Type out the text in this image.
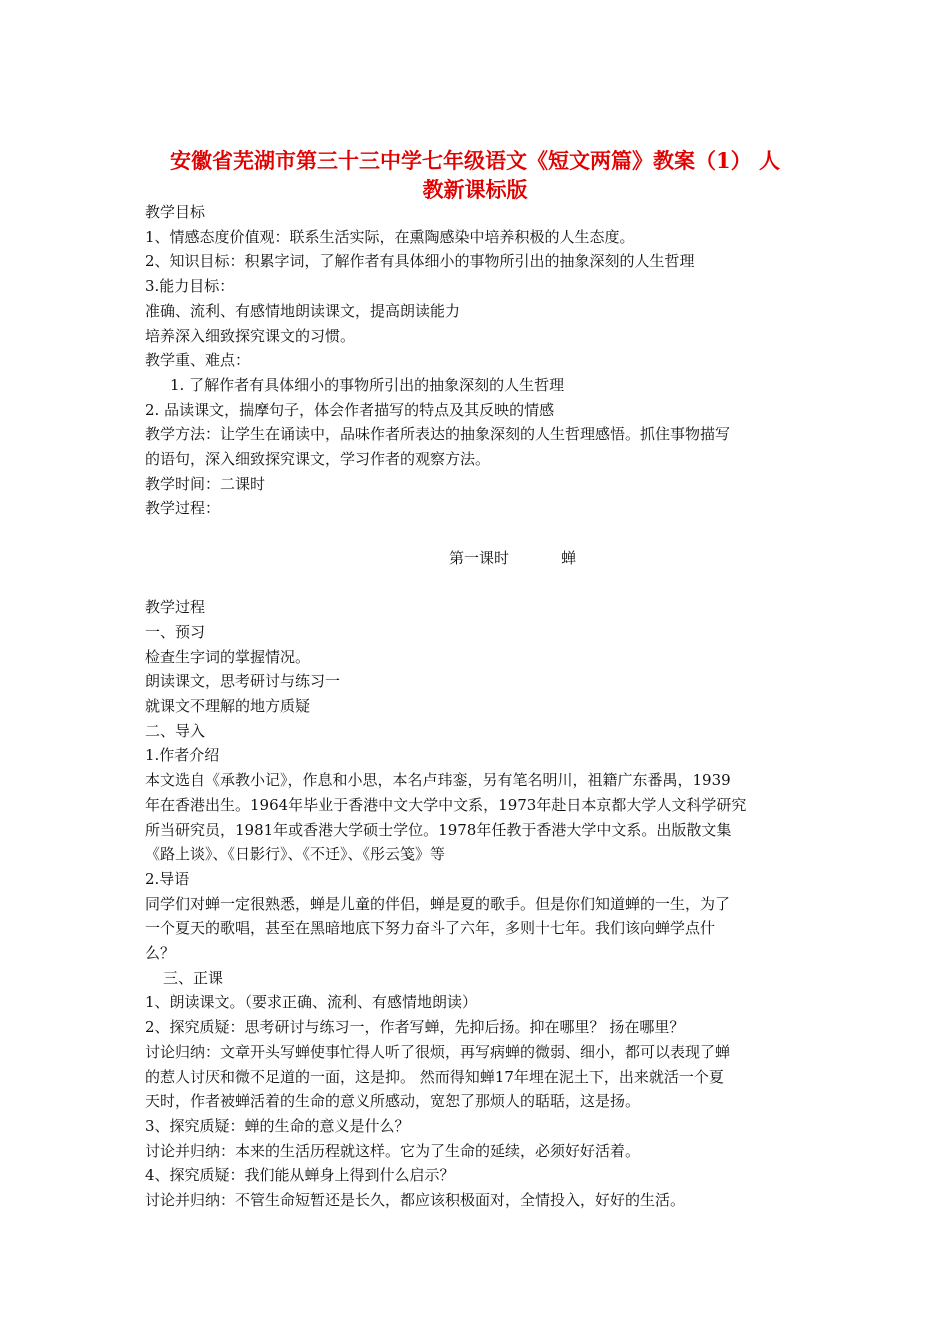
安徽省芜湖市第三十三中学七年级语文《短文两篇》教案（1） 人
教新课标版
教学目标
1、情感态度价值观：联系生活实际，在熏陶感染中培养积极的人生态度。
2、知识目标：积累字词，了解作者有具体细小的事物所引出的抽象深刻的人生哲理
3.能力目标：
准确、流利、有感情地朗读课文，提高朗读能力
培养深入细致探究课文的习惯。
教学重、难点：
1. 了解作者有具体细小的事物所引出的抽象深刻的人生哲理
2. 品读课文，揣摩句子，体会作者描写的特点及其反映的情感
教学方法：让学生在诵读中，品味作者所表达的抽象深刻的人生哲理感悟。抓住事物描写
的语句，深入细致探究课文，学习作者的观察方法。
教学时间：二课时
教学过程：
第一课时	蝉
教学过程
一、预习
检查生字词的掌握情况。
朗读课文，思考研讨与练习一
就课文不理解的地方质疑
二、导入
1.作者介绍
本文选自《承教小记》，作息和小思，本名卢玮銮，另有笔名明川，祖籍广东番禺，1939
年在香港出生。1964年毕业于香港中文大学中文系，1973年赴日本京都大学人文科学研究
所当研究员，1981年或香港大学硕士学位。1978年任教于香港大学中文系。出版散文集
《路上谈》、《日影行》、《不迁》、《彤云笺》等
2.导语
同学们对蝉一定很熟悉，蝉是儿童的伴侣，蝉是夏的歌手。但是你们知道蝉的一生，为了
一个夏天的歌唱，甚至在黑暗地底下努力奋斗了六年，多则十七年。我们该向蝉学点什
么？
三、正课
1、朗读课文。（要求正确、流利、有感情地朗读）
2、探究质疑：思考研讨与练习一，作者写蝉，先抑后扬。抑在哪里？ 扬在哪里？
讨论归纳：文章开头写蝉使事忙得人听了很烦，再写病蝉的微弱、细小，都可以表现了蝉
的惹人讨厌和微不足道的一面，这是抑。 然而得知蝉17年埋在泥土下，出来就活一个夏
天时，作者被蝉活着的生命的意义所感动，宽恕了那烦人的聒聒，这是扬。
3、探究质疑：蝉的生命的意义是什么？
讨论并归纳：本来的生活历程就这样。它为了生命的延续，必须好好活着。
4、探究质疑：我们能从蝉身上得到什么启示？
讨论并归纳：不管生命短暂还是长久，都应该积极面对，全情投入，好好的生活。
